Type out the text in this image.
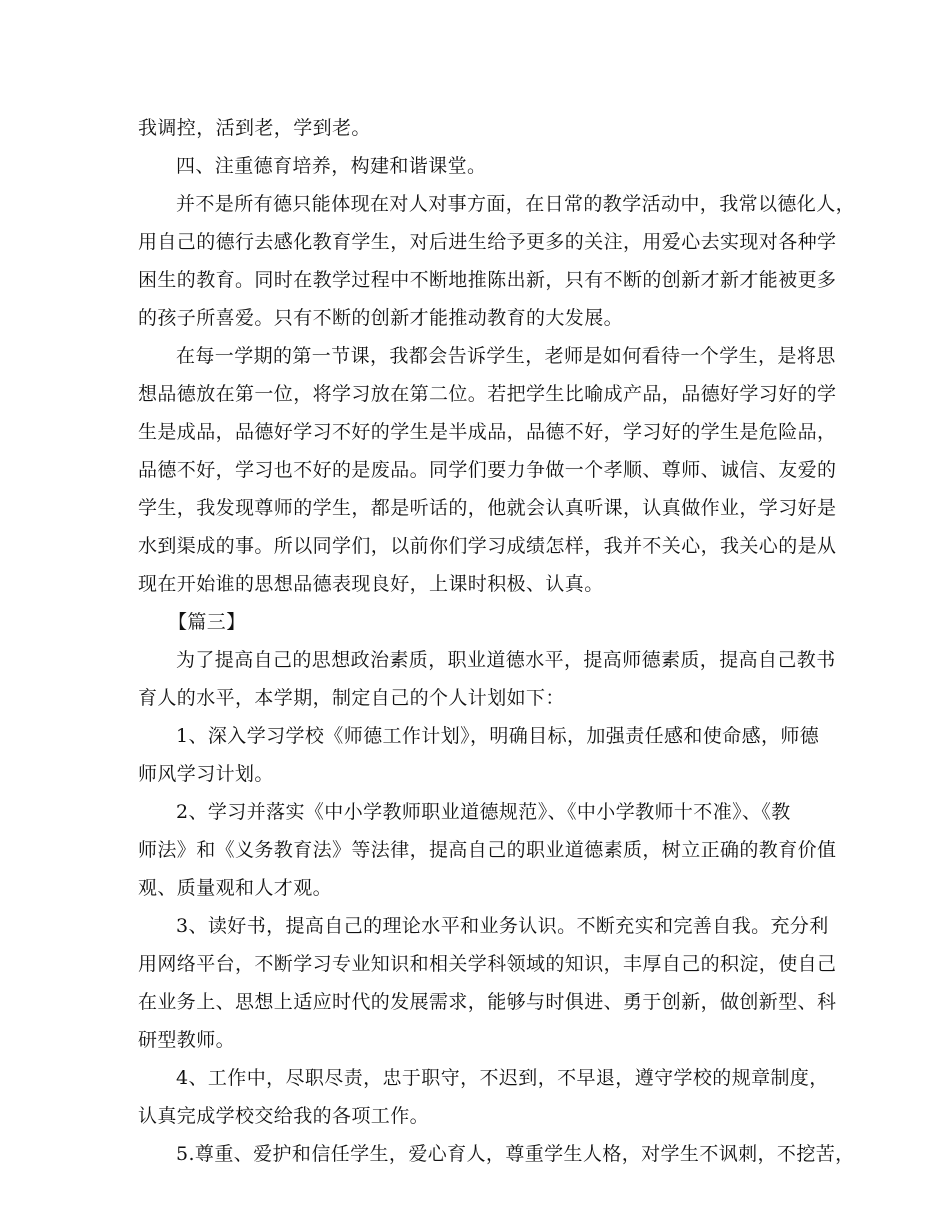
我调控，活到老，学到老。
四、注重德育培养，构建和谐课堂。
并不是所有德只能体现在对人对事方面，在日常的教学活动中，我常以德化人，
用自己的德行去感化教育学生，对后进生给予更多的关注，用爱心去实现对各种学
困生的教育。同时在教学过程中不断地推陈出新，只有不断的创新才新才能被更多
的孩子所喜爱。只有不断的创新才能推动教育的大发展。
在每一学期的第一节课，我都会告诉学生，老师是如何看待一个学生，是将思
想品德放在第一位，将学习放在第二位。若把学生比喻成产品，品德好学习好的学
生是成品，品德好学习不好的学生是半成品，品德不好，学习好的学生是危险品，
品德不好，学习也不好的是废品。同学们要力争做一个孝顺、尊师、诚信、友爱的
学生，我发现尊师的学生，都是听话的，他就会认真听课，认真做作业，学习好是
水到渠成的事。所以同学们，以前你们学习成绩怎样，我并不关心，我关心的是从
现在开始谁的思想品德表现良好，上课时积极、认真。
【篇三】
为了提高自己的思想政治素质，职业道德水平，提高师德素质，提高自己教书
育人的水平，本学期，制定自己的个人计划如下：
1、深入学习学校《师德工作计划》，明确目标，加强责任感和使命感，师德
师风学习计划。
2、学习并落实《中小学教师职业道德规范》、《中小学教师十不准》、《教
师法》和《义务教育法》等法律，提高自己的职业道德素质，树立正确的教育价值
观、质量观和人才观。
3、读好书，提高自己的理论水平和业务认识。不断充实和完善自我。充分利
用网络平台，不断学习专业知识和相关学科领域的知识，丰厚自己的积淀，使自己
在业务上、思想上适应时代的发展需求，能够与时俱进、勇于创新，做创新型、科
研型教师。
4、工作中，尽职尽责，忠于职守，不迟到，不早退，遵守学校的规章制度，
认真完成学校交给我的各项工作。
5.尊重、爱护和信任学生，爱心育人，尊重学生人格，对学生不讽刺，不挖苦，
